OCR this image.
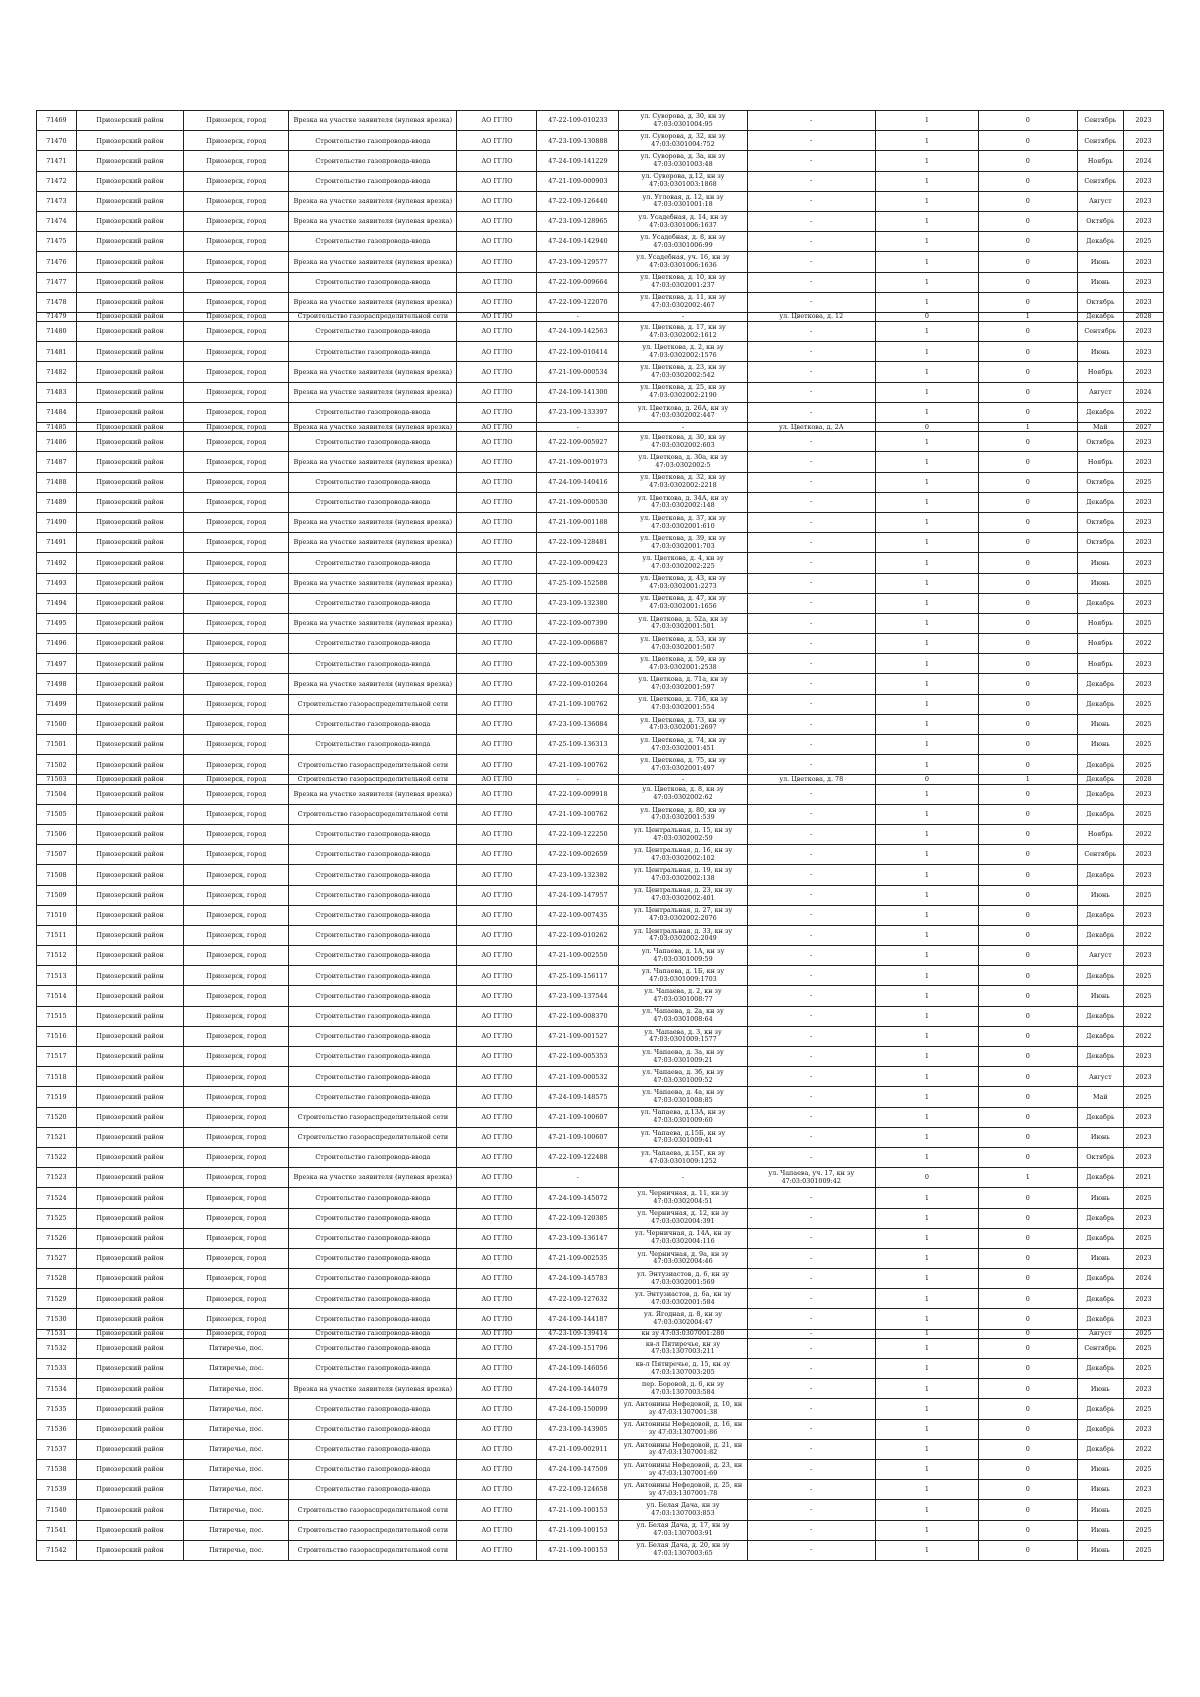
71469	Приозерский район	Приозерск, город	Врезка на участке заявителя (нулевая врезка)	АО ГГЛО	47-22-109-010233	ул. Суворова, д. 30, кн зу 47:03:0301004:95	-	1	0	Сентябрь	2023
71470	Приозерский район	Приозерск, город	Строительство газопровода-ввода	АО ГГЛО	47-23-109-130888	ул. Суворова, д. 32, кн зу 47:03:0301004:752	-	1	0	Сентябрь	2023
71471	Приозерский район	Приозерск, город	Строительство газопровода-ввода	АО ГГЛО	47-24-109-141229	ул. Суворова, д. 3а, кн зу 47:03:0301003:48	-	1	0	Ноябрь	2024
71472	Приозерский район	Приозерск, город	Строительство газопровода-ввода	АО ГГЛО	47-21-109-000903	ул. Суворова, д.12, кн зу 47:03:0301003:1868	-	1	0	Сентябрь	2023
71473	Приозерский район	Приозерск, город	Врезка на участке заявителя (нулевая врезка)	АО ГГЛО	47-22-109-126440	ул. Угловая, д. 12, кн зу 47:03:0301001:18	-	1	0	Август	2023
71474	Приозерский район	Приозерск, город	Врезка на участке заявителя (нулевая врезка)	АО ГГЛО	47-23-109-128965	ул. Усадебная, д. 14, кн зу 47:03:0301006:1637	-	1	0	Октябрь	2023
71475	Приозерский район	Приозерск, город	Строительство газопровода-ввода	АО ГГЛО	47-24-109-142940	ул. Усадебная, д. 8, кн зу 47:03:0301006:99	-	1	0	Декабрь	2025
71476	Приозерский район	Приозерск, город	Врезка на участке заявителя (нулевая врезка)	АО ГГЛО	47-23-109-129577	ул. Усадебная, уч. 16, кн зу 47:03:0301006:1636	-	1	0	Июнь	2023
71477	Приозерский район	Приозерск, город	Строительство газопровода-ввода	АО ГГЛО	47-22-109-009664	ул. Цветкова, д. 10, кн зу 47:03:0302001:237	-	1	0	Июнь	2023
71478	Приозерский район	Приозерск, город	Врезка на участке заявителя (нулевая врезка)	АО ГГЛО	47-22-109-122070	ул. Цветкова, д. 11, кн зу 47:03:0302002:467	-	1	0	Октябрь	2023
71479	Приозерский район	Приозерск, город	Строительство газораспределительной сети	АО ГГЛО	-	-	ул. Цветкова, д. 12	0	1	Декабрь	2028
71480	Приозерский район	Приозерск, город	Строительство газопровода-ввода	АО ГГЛО	47-24-109-142563	ул. Цветкова, д. 17, кн зу 47:03:0302002:1612	-	1	0	Сентябрь	2023
71481	Приозерский район	Приозерск, город	Строительство газопровода-ввода	АО ГГЛО	47-22-109-010414	ул. Цветкова, д. 2, кн зу 47:03:0302002:1576	-	1	0	Июнь	2023
71482	Приозерский район	Приозерск, город	Врезка на участке заявителя (нулевая врезка)	АО ГГЛО	47-21-109-000534	ул. Цветкова, д. 23, кн зу 47:03:0302002:542	-	1	0	Ноябрь	2023
71483	Приозерский район	Приозерск, город	Врезка на участке заявителя (нулевая врезка)	АО ГГЛО	47-24-109-141300	ул. Цветкова, д. 25, кн зу 47:03:0302002:2190	-	1	0	Август	2024
71484	Приозерский район	Приозерск, город	Строительство газопровода-ввода	АО ГГЛО	47-23-109-133397	ул. Цветкова, д. 26А, кн зу 47:03:0302002:447	-	1	0	Декабрь	2022
71485	Приозерский район	Приозерск, город	Врезка на участке заявителя (нулевая врезка)	АО ГГЛО	-	-	ул. Цветкова, д. 2А	0	1	Май	2027
71486	Приозерский район	Приозерск, город	Строительство газопровода-ввода	АО ГГЛО	47-22-109-005927	ул. Цветкова, д. 30, кн зу 47:03:0302002:603	-	1	0	Октябрь	2023
71487	Приозерский район	Приозерск, город	Врезка на участке заявителя (нулевая врезка)	АО ГГЛО	47-21-109-001973	ул. Цветкова, д. 30а, кн зу 47:03:0302002:5	-	1	0	Ноябрь	2023
71488	Приозерский район	Приозерск, город	Строительство газопровода-ввода	АО ГГЛО	47-24-109-140416	ул. Цветкова, д. 32, кн зу 47:03:0302002:2218	-	1	0	Октябрь	2025
71489	Приозерский район	Приозерск, город	Строительство газопровода-ввода	АО ГГЛО	47-21-109-000530	ул. Цветкова, д. 34А, кн зу 47:03:0302002:148	-	1	0	Декабрь	2023
71490	Приозерский район	Приозерск, город	Врезка на участке заявителя (нулевая врезка)	АО ГГЛО	47-21-109-001188	ул. Цветкова, д. 37, кн зу 47:03:0302001:610	-	1	0	Октябрь	2023
71491	Приозерский район	Приозерск, город	Врезка на участке заявителя (нулевая врезка)	АО ГГЛО	47-22-109-128481	ул. Цветкова, д. 39, кн зу 47:03:0302001:703	-	1	0	Октябрь	2023
71492	Приозерский район	Приозерск, город	Строительство газопровода-ввода	АО ГГЛО	47-22-109-009423	ул. Цветкова, д. 4, кн зу 47:03:0302002:225	-	1	0	Июнь	2023
71493	Приозерский район	Приозерск, город	Врезка на участке заявителя (нулевая врезка)	АО ГГЛО	47-25-109-152588	ул. Цветкова, д. 43, кн зу 47:03:0302001:2273	-	1	0	Июнь	2025
71494	Приозерский район	Приозерск, город	Строительство газопровода-ввода	АО ГГЛО	47-23-109-132380	ул. Цветкова, д. 47, кн зу 47:03:0302001:1656	-	1	0	Декабрь	2023
71495	Приозерский район	Приозерск, город	Врезка на участке заявителя (нулевая врезка)	АО ГГЛО	47-22-109-007390	ул. Цветкова, д. 52а, кн зу 47:03:0302001:501	-	1	0	Ноябрь	2025
71496	Приозерский район	Приозерск, город	Строительство газопровода-ввода	АО ГГЛО	47-22-109-006887	ул. Цветкова, д. 53, кн зу 47:03:0302001:507	-	1	0	Ноябрь	2022
71497	Приозерский район	Приозерск, город	Строительство газопровода-ввода	АО ГГЛО	47-22-109-005309	ул. Цветкова, д. 59, кн зу 47:03:0302001:2538	-	1	0	Ноябрь	2023
71498	Приозерский район	Приозерск, город	Врезка на участке заявителя (нулевая врезка)	АО ГГЛО	47-22-109-010264	ул. Цветкова, д. 71а, кн зу 47:03:0302001:597	-	1	0	Декабрь	2023
71499	Приозерский район	Приозерск, город	Строительство газораспределительной сети	АО ГГЛО	47-21-109-100762	ул. Цветкова, д. 71б, кн зу 47:03:0302001:554	-	1	0	Декабрь	2025
71500	Приозерский район	Приозерск, город	Строительство газопровода-ввода	АО ГГЛО	47-23-109-136084	ул. Цветкова, д. 73, кн зу 47:03:0302001:2697	-	1	0	Июнь	2025
71501	Приозерский район	Приозерск, город	Строительство газопровода-ввода	АО ГГЛО	47-25-109-136313	ул. Цветкова, д. 74, кн зу 47:03:0302001:451	-	1	0	Июнь	2025
71502	Приозерский район	Приозерск, город	Строительство газораспределительной сети	АО ГГЛО	47-21-109-100762	ул. Цветкова, д. 75, кн зу 47:03:0302001:497	-	1	0	Декабрь	2025
71503	Приозерский район	Приозерск, город	Строительство газораспределительной сети	АО ГГЛО	-	-	ул. Цветкова, д. 78	0	1	Декабрь	2028
71504	Приозерский район	Приозерск, город	Врезка на участке заявителя (нулевая врезка)	АО ГГЛО	47-22-109-009918	ул. Цветкова, д. 8, кн зу 47:03:0302002:62	-	1	0	Декабрь	2023
71505	Приозерский район	Приозерск, город	Строительство газораспределительной сети	АО ГГЛО	47-21-109-100762	ул. Цветкова, д. 80, кн зу 47:03:0302001:539	-	1	0	Декабрь	2025
71506	Приозерский район	Приозерск, город	Строительство газопровода-ввода	АО ГГЛО	47-22-109-122250	ул. Центральная, д. 15, кн зу 47:03:0302002:59	-	1	0	Ноябрь	2022
71507	Приозерский район	Приозерск, город	Строительство газопровода-ввода	АО ГГЛО	47-22-109-002659	ул. Центральная, д. 16, кн зу 47:03:0302002:102	-	1	0	Сентябрь	2023
71508	Приозерский район	Приозерск, город	Строительство газопровода-ввода	АО ГГЛО	47-23-109-132382	ул. Центральная, д. 19, кн зу 47:03:0302002:138	-	1	0	Декабрь	2023
71509	Приозерский район	Приозерск, город	Строительство газопровода-ввода	АО ГГЛО	47-24-109-147957	ул. Центральная, д. 23, кн зу 47:03:0302002:401	-	1	0	Июнь	2025
71510	Приозерский район	Приозерск, город	Строительство газопровода-ввода	АО ГГЛО	47-22-109-007435	ул. Центральная, д. 27, кн зу 47:03:0302002:2076	-	1	0	Декабрь	2023
71511	Приозерский район	Приозерск, город	Строительство газопровода-ввода	АО ГГЛО	47-22-109-010262	ул. Центральная, д. 33, кн зу 47:03:0302002:2049	-	1	0	Декабрь	2022
71512	Приозерский район	Приозерск, город	Строительство газопровода-ввода	АО ГГЛО	47-21-109-002550	ул. Чапаева, д. 1А, кн зу 47:03:0301009:59	-	1	0	Август	2023
71513	Приозерский район	Приозерск, город	Строительство газопровода-ввода	АО ГГЛО	47-25-109-156117	ул. Чапаева, д. 1Б, кн зу 47:03:0301009:1703	-	1	0	Декабрь	2025
71514	Приозерский район	Приозерск, город	Строительство газопровода-ввода	АО ГГЛО	47-23-109-137544	ул. Чапаева, д. 2, кн зу 47:03:0301008:77	-	1	0	Июнь	2025
71515	Приозерский район	Приозерск, город	Строительство газопровода-ввода	АО ГГЛО	47-22-109-008370	ул. Чапаева, д. 2а, кн зу 47:03:0301008:64	-	1	0	Декабрь	2022
71516	Приозерский район	Приозерск, город	Строительство газопровода-ввода	АО ГГЛО	47-21-109-001527	ул. Чапаева, д. 3, кн зу 47:03:0301009:1577	-	1	0	Декабрь	2022
71517	Приозерский район	Приозерск, город	Строительство газопровода-ввода	АО ГГЛО	47-22-109-005353	ул. Чапаева, д. 3а, кн зу 47:03:0301009:21	-	1	0	Декабрь	2023
71518	Приозерский район	Приозерск, город	Строительство газопровода-ввода	АО ГГЛО	47-21-109-000532	ул. Чапаева, д. 3б, кн зу 47:03:0301009:52	-	1	0	Август	2023
71519	Приозерский район	Приозерск, город	Строительство газопровода-ввода	АО ГГЛО	47-24-109-148575	ул. Чапаева, д. 4а, кн зу 47:03:0301008:85	-	1	0	Май	2025
71520	Приозерский район	Приозерск, город	Строительство газораспределительной сети	АО ГГЛО	47-21-109-100607	ул. Чапаева, д.13А, кн зу 47:03:0301009:60	-	1	0	Декабрь	2023
71521	Приозерский район	Приозерск, город	Строительство газораспределительной сети	АО ГГЛО	47-21-109-100607	ул. Чапаева, д.15Б, кн зу 47:03:0301009:41	-	1	0	Июнь	2023
71522	Приозерский район	Приозерск, город	Строительство газопровода-ввода	АО ГГЛО	47-22-109-122488	ул. Чапаева, д.15Г, кн зу 47:03:0301009:1252	-	1	0	Октябрь	2023
71523	Приозерский район	Приозерск, город	Врезка на участке заявителя (нулевая врезка)	АО ГГЛО	-	-	ул. Чапаева, уч. 17, кн зу 47:03:0301009:42	0	1	Декабрь	2021
71524	Приозерский район	Приозерск, город	Строительство газопровода-ввода	АО ГГЛО	47-24-109-145072	ул. Черничная, д. 11, кн зу 47:03:0302004:51	-	1	0	Июнь	2025
71525	Приозерский район	Приозерск, город	Строительство газопровода-ввода	АО ГГЛО	47-22-109-120385	ул. Черничная, д. 12, кн зу 47:03:0302004:391	-	1	0	Декабрь	2023
71526	Приозерский район	Приозерск, город	Строительство газопровода-ввода	АО ГГЛО	47-23-109-136147	ул. Черничная, д. 14А, кн зу 47:03:0302004:116	-	1	0	Декабрь	2025
71527	Приозерский район	Приозерск, город	Строительство газопровода-ввода	АО ГГЛО	47-21-109-002535	ул. Черничная, д. 9а, кн зу 47:03:0302004:46	-	1	0	Июнь	2023
71528	Приозерский район	Приозерск, город	Строительство газопровода-ввода	АО ГГЛО	47-24-109-145783	ул. Энтузиастов, д. 6, кн зу 47:03:0302001:569	-	1	0	Декабрь	2024
71529	Приозерский район	Приозерск, город	Строительство газопровода-ввода	АО ГГЛО	47-22-109-127632	ул. Энтузиастов, д. 6а, кн зу 47:03:0302001:584	-	1	0	Декабрь	2023
71530	Приозерский район	Приозерск, город	Строительство газопровода-ввода	АО ГГЛО	47-24-109-144187	ул. Ягодная, д. 8, кн зу 47:03:0302004:47	-	1	0	Декабрь	2023
71531	Приозерский район	Приозерск, город	Строительство газопровода-ввода	АО ГГЛО	47-23-109-139414	кн зу 47:03:0307001:280	-	1	0	Август	2025
71532	Приозерский район	Пятиречье, пос.	Строительство газопровода-ввода	АО ГГЛО	47-24-109-151796	кв-л Пятиречье, кн зу 47:03:1307003:211	-	1	0	Сентябрь	2025
71533	Приозерский район	Пятиречье, пос.	Строительство газопровода-ввода	АО ГГЛО	47-24-109-146056	кв-л Пятиречье, д. 15, кн зу 47:03:1307003:205	-	1	0	Декабрь	2025
71534	Приозерский район	Пятиречье, пос.	Врезка на участке заявителя (нулевая врезка)	АО ГГЛО	47-24-109-144079	пер. Боровой, д. 6, кн зу 47:03:1307003:584	-	1	0	Июнь	2023
71535	Приозерский район	Пятиречье, пос.	Строительство газопровода-ввода	АО ГГЛО	47-24-109-150099	ул. Антонины Нефедовой, д. 10, кн зу 47:03:1307001:38	-	1	0	Декабрь	2025
71536	Приозерский район	Пятиречье, пос.	Строительство газопровода-ввода	АО ГГЛО	47-23-109-143905	ул. Антонины Нефедовой, д. 16, кн зу 47:03:1307001:86	-	1	0	Декабрь	2023
71537	Приозерский район	Пятиречье, пос.	Строительство газопровода-ввода	АО ГГЛО	47-21-109-002911	ул. Антонины Нефедовой, д. 21, кн зу 47:03:1307001:82	-	1	0	Декабрь	2022
71538	Приозерский район	Пятиречье, пос.	Строительство газопровода-ввода	АО ГГЛО	47-24-109-147509	ул. Антонины Нефедовой, д. 23, кн зу 47:03:1307001:69	-	1	0	Июнь	2025
71539	Приозерский район	Пятиречье, пос.	Строительство газопровода-ввода	АО ГГЛО	47-22-109-124658	ул. Антонины Нефедовой, д. 25, кн зу 47:03:1307001:78	-	1	0	Июнь	2023
71540	Приозерский район	Пятиречье, пос.	Строительство газораспределительной сети	АО ГГЛО	47-21-109-100153	ул. Белая Дача, кн зу 47:03:1307003:853	-	1	0	Июнь	2025
71541	Приозерский район	Пятиречье, пос.	Строительство газораспределительной сети	АО ГГЛО	47-21-109-100153	ул. Белая Дача, д. 17, кн зу 47:03:1307003:91	-	1	0	Июнь	2025
71542	Приозерский район	Пятиречье, пос.	Строительство газораспределительной сети	АО ГГЛО	47-21-109-100153	ул. Белая Дача, д. 20, кн зу 47:03:1307003:65	-	1	0	Июнь	2025
